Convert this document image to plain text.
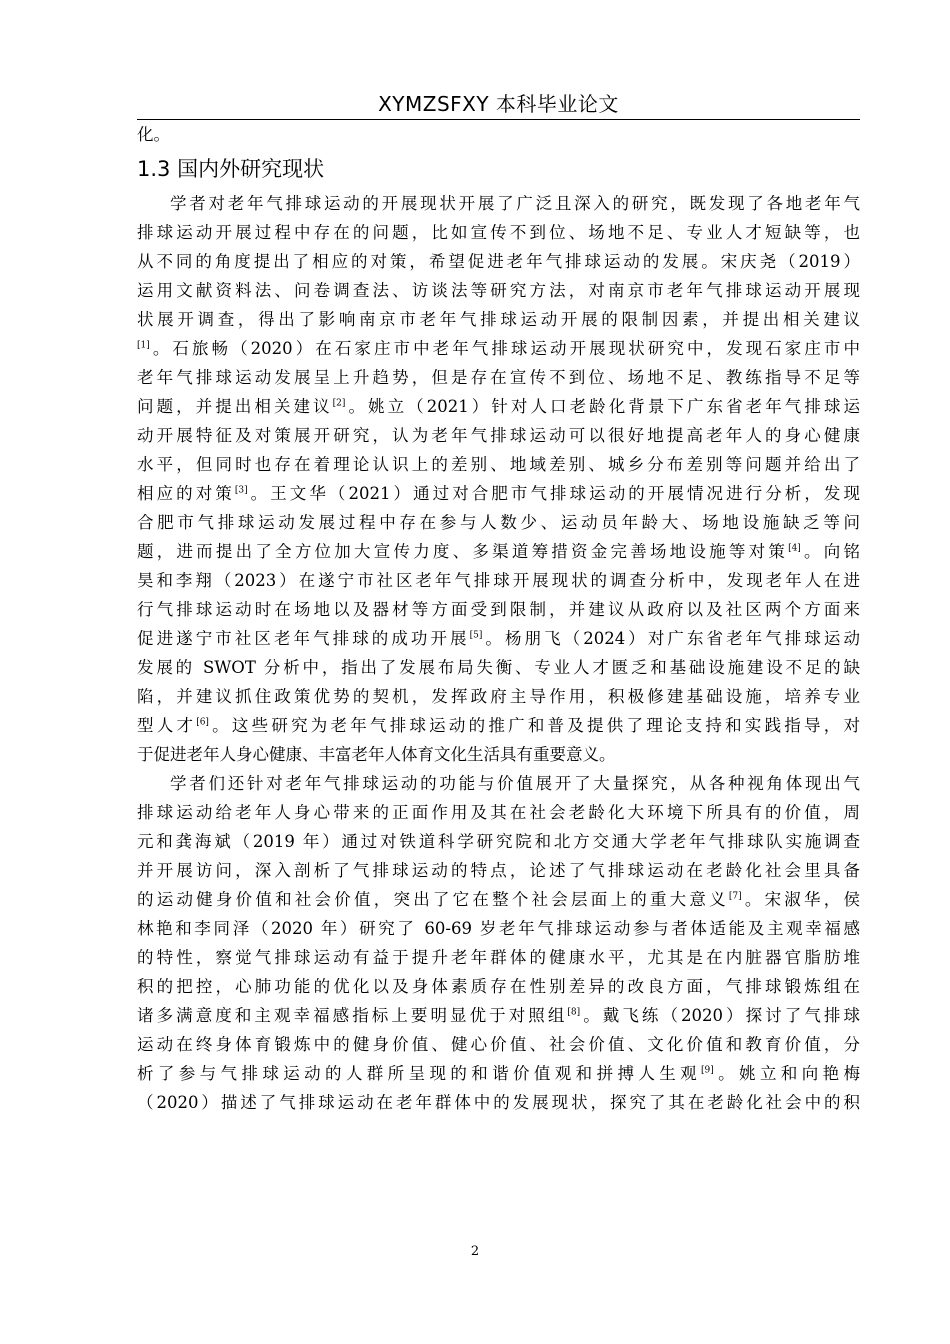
XYMZSFXY 本科毕业论文
化。
1.3 国内外研究现状
学者对老年气排球运动的开展现状开展了广泛且深入的研究，既发现了各地老年气
排球运动开展过程中存在的问题，比如宣传不到位、场地不足、专业人才短缺等，也
从不同的角度提出了相应的对策，希望促进老年气排球运动的发展。宋庆尧（2019）
运用文献资料法、问卷调查法、访谈法等研究方法，对南京市老年气排球运动开展现
状展开调查，得出了影响南京市老年气排球运动开展的限制因素，并提出相关建议
[1]。石旅畅（2020）在石家庄市中老年气排球运动开展现状研究中，发现石家庄市中
老年气排球运动发展呈上升趋势，但是存在宣传不到位、场地不足、教练指导不足等
问题，并提出相关建议[2]。姚立（2021）针对人口老龄化背景下广东省老年气排球运
动开展特征及对策展开研究，认为老年气排球运动可以很好地提高老年人的身心健康
水平，但同时也存在着理论认识上的差别、地域差别、城乡分布差别等问题并给出了
相应的对策[3]。王文华（2021）通过对合肥市气排球运动的开展情况进行分析，发现
合肥市气排球运动发展过程中存在参与人数少、运动员年龄大、场地设施缺乏等问
题，进而提出了全方位加大宣传力度、多渠道筹措资金完善场地设施等对策[4]。向铭
昊和李翔（2023）在遂宁市社区老年气排球开展现状的调查分析中，发现老年人在进
行气排球运动时在场地以及器材等方面受到限制，并建议从政府以及社区两个方面来
促进遂宁市社区老年气排球的成功开展[5]。杨朋飞（2024）对广东省老年气排球运动
发展的 SWOT 分析中，指出了发展布局失衡、专业人才匮乏和基础设施建设不足的缺
陷，并建议抓住政策优势的契机，发挥政府主导作用，积极修建基础设施，培养专业
型人才[6]。这些研究为老年气排球运动的推广和普及提供了理论支持和实践指导，对
于促进老年人身心健康、丰富老年人体育文化生活具有重要意义。
学者们还针对老年气排球运动的功能与价值展开了大量探究，从各种视角体现出气
排球运动给老年人身心带来的正面作用及其在社会老龄化大环境下所具有的价值，周
元和龚海斌（2019 年）通过对铁道科学研究院和北方交通大学老年气排球队实施调查
并开展访问，深入剖析了气排球运动的特点，论述了气排球运动在老龄化社会里具备
的运动健身价值和社会价值，突出了它在整个社会层面上的重大意义[7]。宋淑华，侯
林艳和李同泽（2020 年）研究了 60-69 岁老年气排球运动参与者体适能及主观幸福感
的特性，察觉气排球运动有益于提升老年群体的健康水平，尤其是在内脏器官脂肪堆
积的把控，心肺功能的优化以及身体素质存在性别差异的改良方面，气排球锻炼组在
诸多满意度和主观幸福感指标上要明显优于对照组[8]。戴飞练（2020）探讨了气排球
运动在终身体育锻炼中的健身价值、健心价值、社会价值、文化价值和教育价值，分
析了参与气排球运动的人群所呈现的和谐价值观和拼搏人生观[9]。姚立和向艳梅
（2020）描述了气排球运动在老年群体中的发展现状，探究了其在老龄化社会中的积
2
